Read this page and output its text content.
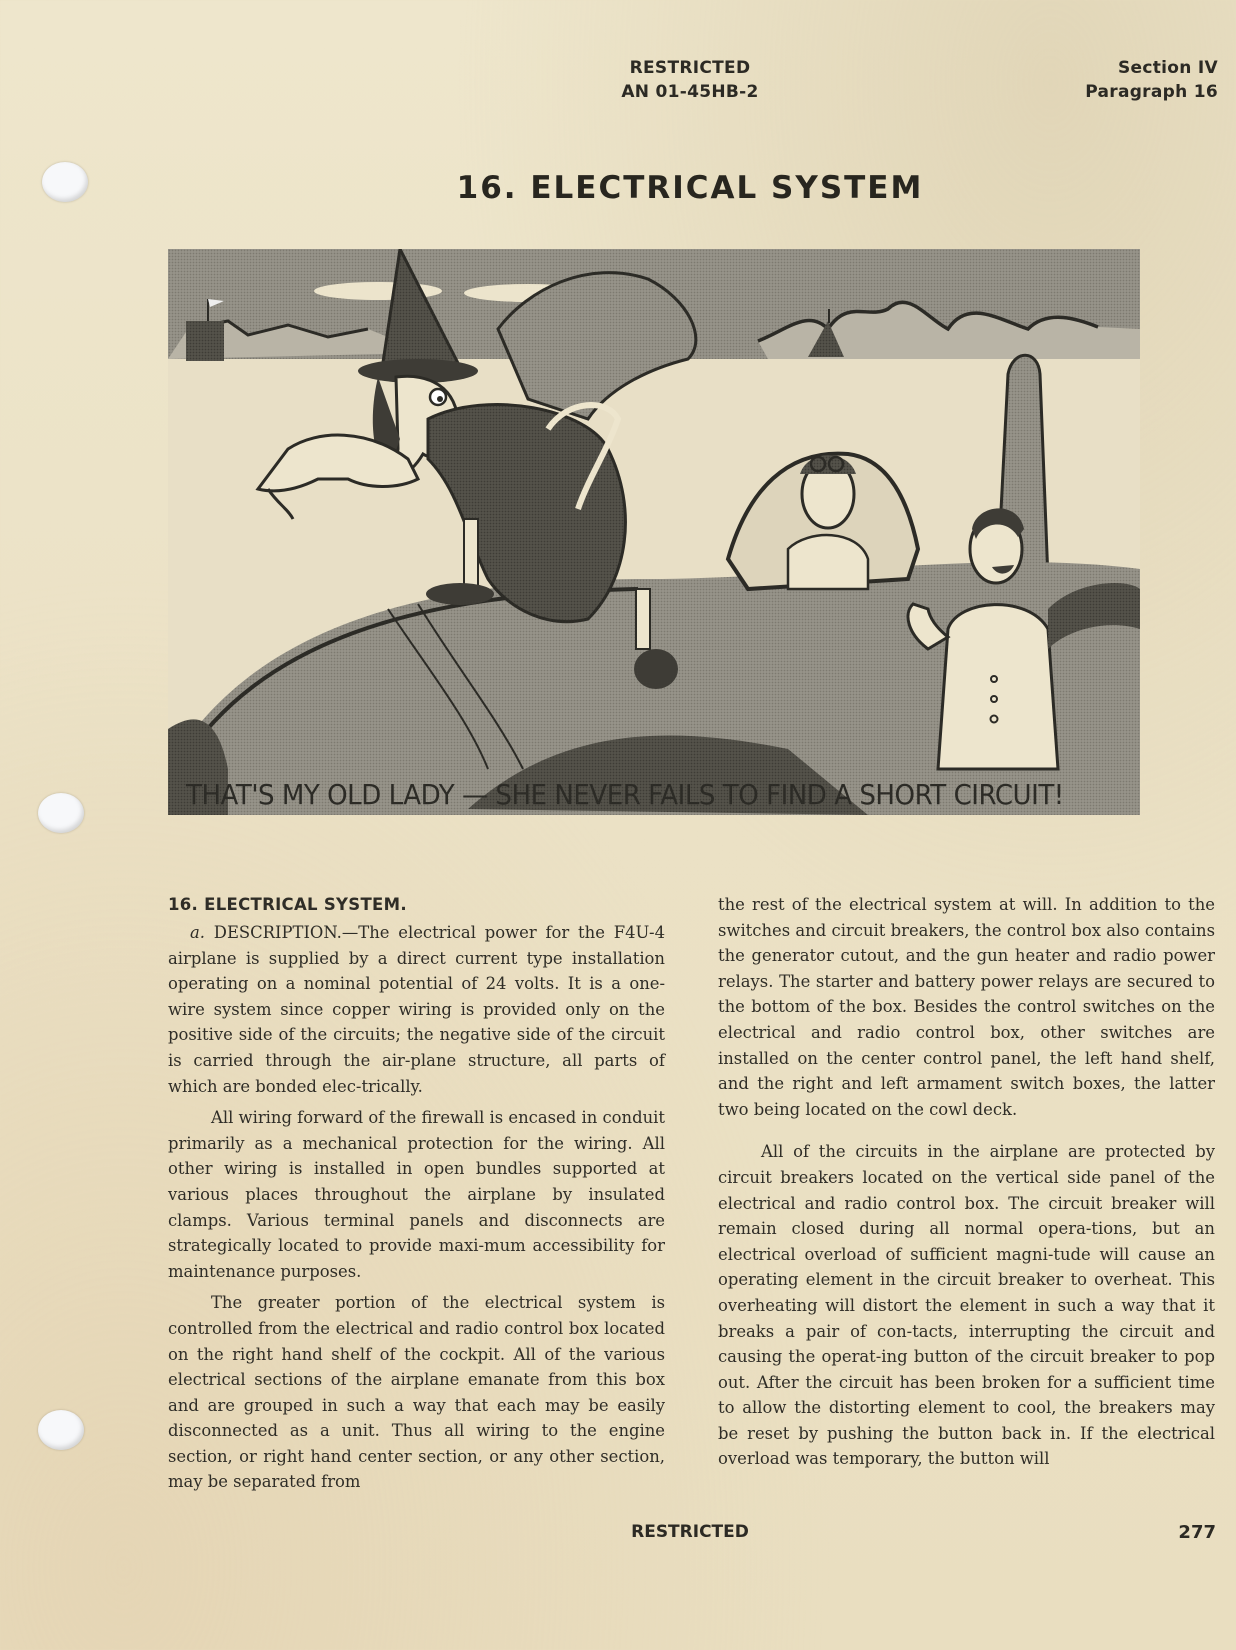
RESTRICTED
AN 01-45HB-2
Section IV
Paragraph 16
16. ELECTRICAL SYSTEM
THAT'S MY OLD LADY — SHE NEVER FAILS TO FIND A SHORT CIRCUIT!

16. ELECTRICAL SYSTEM.

a. DESCRIPTION.—The electrical power for the F4U-4 airplane is supplied by a direct current type installation operating on a nominal potential of 24 volts. It is a one-wire system since copper wiring is provided only on the positive side of the circuits; the negative side of the circuit is carried through the air-plane structure, all parts of which are bonded elec-trically.

All wiring forward of the firewall is encased in conduit primarily as a mechanical protection for the wiring. All other wiring is installed in open bundles supported at various places throughout the airplane by insulated clamps. Various terminal panels and disconnects are strategically located to provide maxi-mum accessibility for maintenance purposes.

The greater portion of the electrical system is controlled from the electrical and radio control box located on the right hand shelf of the cockpit. All of the various electrical sections of the airplane emanate from this box and are grouped in such a way that each may be easily disconnected as a unit. Thus all wiring to the engine section, or right hand center section, or any other section, may be separated from

the rest of the electrical system at will. In addition to the switches and circuit breakers, the control box also contains the generator cutout, and the gun heater and radio power relays. The starter and battery power relays are secured to the bottom of the box. Besides the control switches on the electrical and radio control box, other switches are installed on the center control panel, the left hand shelf, and the right and left armament switch boxes, the latter two being located on the cowl deck.

All of the circuits in the airplane are protected by circuit breakers located on the vertical side panel of the electrical and radio control box. The circuit breaker will remain closed during all normal opera-tions, but an electrical overload of sufficient magni-tude will cause an operating element in the circuit breaker to overheat. This overheating will distort the element in such a way that it breaks a pair of con-tacts, interrupting the circuit and causing the operat-ing button of the circuit breaker to pop out. After the circuit has been broken for a sufficient time to allow the distorting element to cool, the breakers may be reset by pushing the button back in. If the electrical overload was temporary, the button will

RESTRICTED	277
